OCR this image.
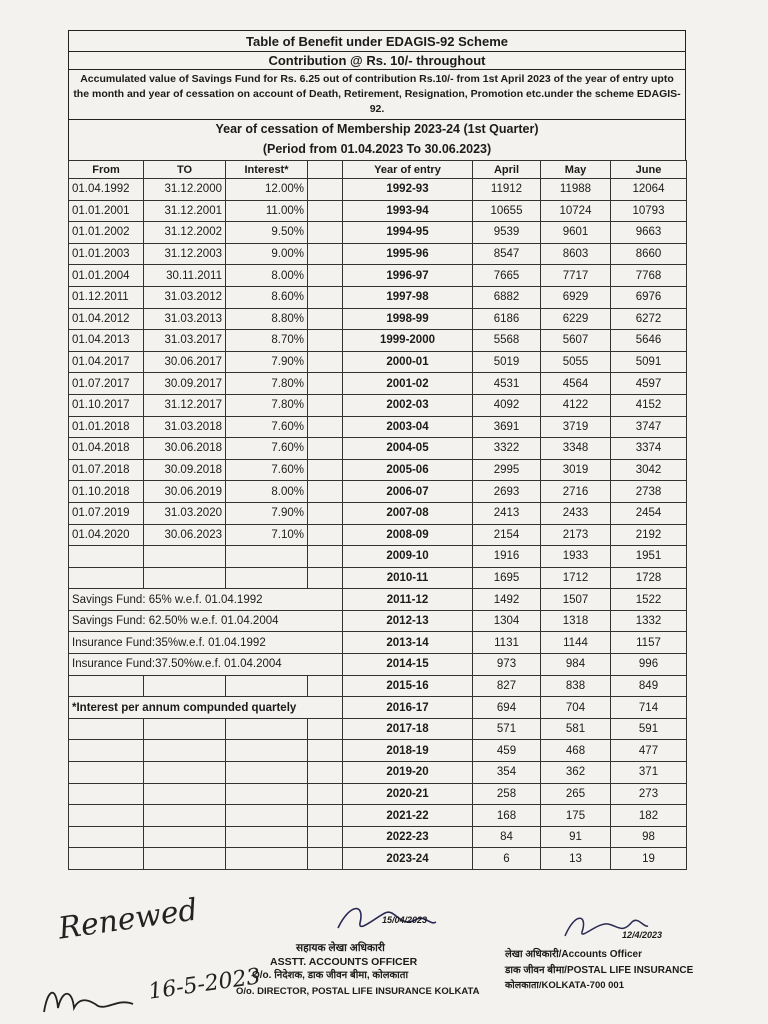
Table of Benefit under EDAGIS-92 Scheme
Contribution @ Rs. 10/- throughout
Accumulated value of Savings Fund for Rs. 6.25 out of contribution Rs.10/- from 1st April 2023 of the year of entry upto the month and year of cessation on account of Death, Retirement, Resignation, Promotion etc.under the scheme EDAGIS-92.
Year of cessation of Membership 2023-24 (1st Quarter)
(Period from 01.04.2023 To 30.06.2023)
From	TO	Interest*		Year of entry	April	May	June
01.04.1992	31.12.2000	12.00%		1992-93	11912	11988	12064
01.01.2001	31.12.2001	11.00%		1993-94	10655	10724	10793
01.01.2002	31.12.2002	9.50%		1994-95	9539	9601	9663
01.01.2003	31.12.2003	9.00%		1995-96	8547	8603	8660
01.01.2004	30.11.2011	8.00%		1996-97	7665	7717	7768
01.12.2011	31.03.2012	8.60%		1997-98	6882	6929	6976
01.04.2012	31.03.2013	8.80%		1998-99	6186	6229	6272
01.04.2013	31.03.2017	8.70%		1999-2000	5568	5607	5646
01.04.2017	30.06.2017	7.90%		2000-01	5019	5055	5091
01.07.2017	30.09.2017	7.80%		2001-02	4531	4564	4597
01.10.2017	31.12.2017	7.80%		2002-03	4092	4122	4152
01.01.2018	31.03.2018	7.60%		2003-04	3691	3719	3747
01.04.2018	30.06.2018	7.60%		2004-05	3322	3348	3374
01.07.2018	30.09.2018	7.60%		2005-06	2995	3019	3042
01.10.2018	30.06.2019	8.00%		2006-07	2693	2716	2738
01.07.2019	31.03.2020	7.90%		2007-08	2413	2433	2454
01.04.2020	30.06.2023	7.10%		2008-09	2154	2173	2192
				2009-10	1916	1933	1951
				2010-11	1695	1712	1728
Savings Fund: 65% w.e.f. 01.04.1992				2011-12	1492	1507	1522
Savings Fund: 62.50% w.e.f. 01.04.2004				2012-13	1304	1318	1332
Insurance Fund:35%w.e.f. 01.04.1992				2013-14	1131	1144	1157
Insurance Fund:37.50%w.e.f. 01.04.2004				2014-15	973	984	996
				2015-16	827	838	849
*Interest per annum compunded quartely				2016-17	694	704	714
				2017-18	571	581	591
				2018-19	459	468	477
				2019-20	354	362	371
				2020-21	258	265	273
				2021-22	168	175	182
				2022-23	84	91	98
				2023-24	6	13	19
15/04/2023
सहायक लेखा अधिकारी
ASSTT. ACCOUNTS OFFICER
O/o. निदेशक, डाक जीवन बीमा, कोलकाता
O/o. DIRECTOR, POSTAL LIFE INSURANCE KOLKATA
12/4/2023
लेखा अधिकारी/Accounts Officer
डाक जीवन बीमा/POSTAL LIFE INSURANCE
कोलकाता/KOLKATA-700 001
Renewed
16-5-2023
